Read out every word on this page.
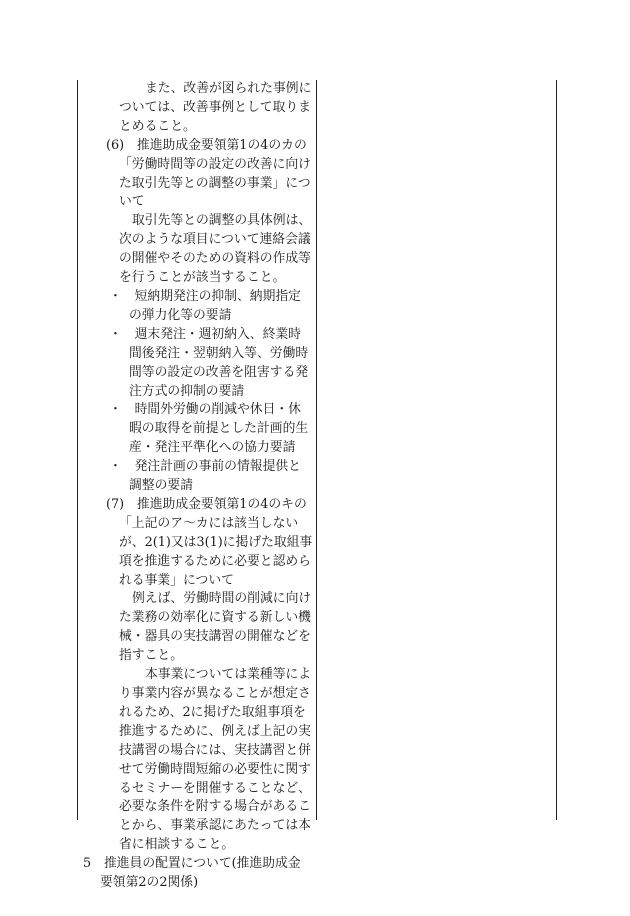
また、改善が図られた事例については、改善事例として取りまとめること。

(6)　推進助成金要領第1の4のカの「労働時間等の設定の改善に向けた取引先等との調整の事業」について

取引先等との調整の具体例は、次のような項目について連絡会議の開催やそのための資料の作成等を行うことが該当すること。

・　短納期発注の抑制、納期指定の弾力化等の要請

・　週末発注・週初納入、終業時間後発注・翌朝納入等、労働時間等の設定の改善を阻害する発注方式の抑制の要請

・　時間外労働の削減や休日・休暇の取得を前提とした計画的生産・発注平準化への協力要請

・　発注計画の事前の情報提供と調整の要請

(7)　推進助成金要領第1の4のキの「上記のア～カには該当しないが、2(1)又は3(1)に掲げた取組事項を推進するために必要と認められる事業」について

例えば、労働時間の削減に向けた業務の効率化に資する新しい機械・器具の実技講習の開催などを指すこと。

本事業については業種等により事業内容が異なることが想定されるため、2に掲げた取組事項を推進するために、例えば上記の実技講習の場合には、実技講習と併せて労働時間短縮の必要性に関するセミナーを開催することなど、必要な条件を附する場合があることから、事業承認にあたっては本省に相談すること。

5　推進員の配置について(推進助成金要領第2の2関係)
